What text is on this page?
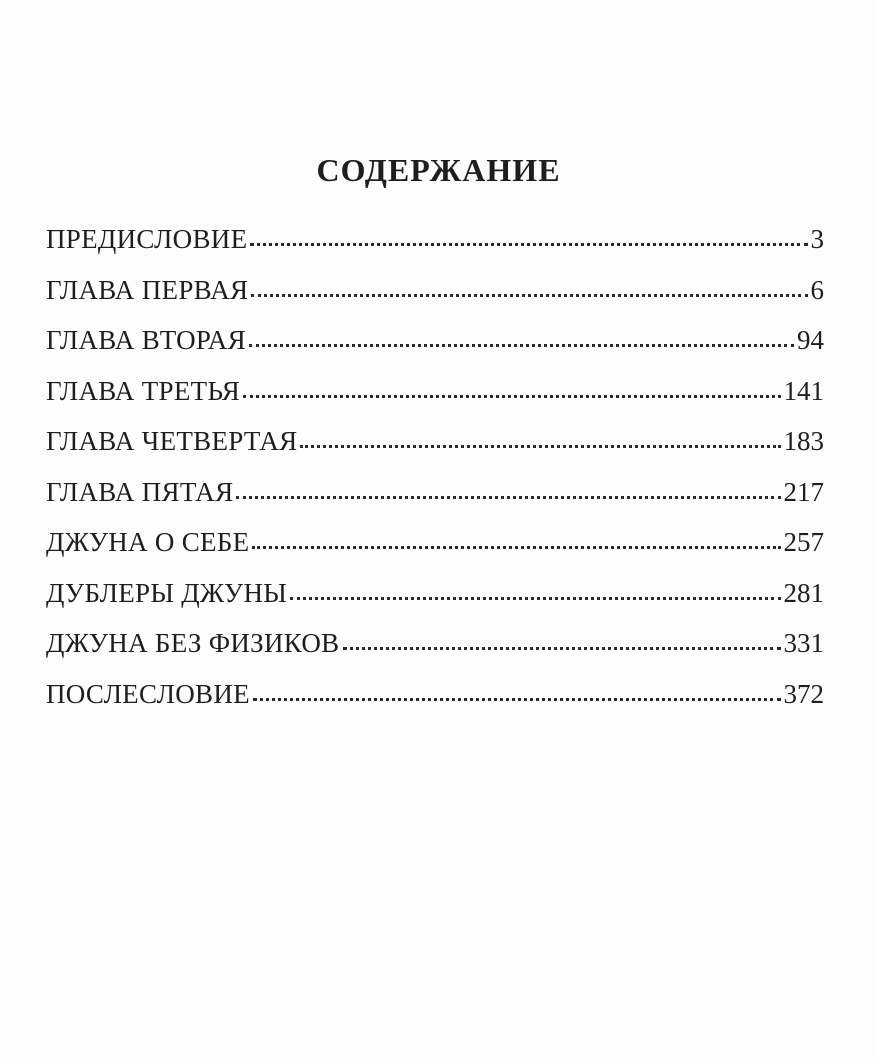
СОДЕРЖАНИЕ
ПРЕДИСЛОВИЕ	3
ГЛАВА ПЕРВАЯ	6
ГЛАВА ВТОРАЯ	94
ГЛАВА ТРЕТЬЯ	141
ГЛАВА ЧЕТВЕРТАЯ	183
ГЛАВА ПЯТАЯ	217
ДЖУНА О СЕБЕ	257
ДУБЛЕРЫ ДЖУНЫ	281
ДЖУНА БЕЗ ФИЗИКОВ	331
ПОСЛЕСЛОВИЕ	372
